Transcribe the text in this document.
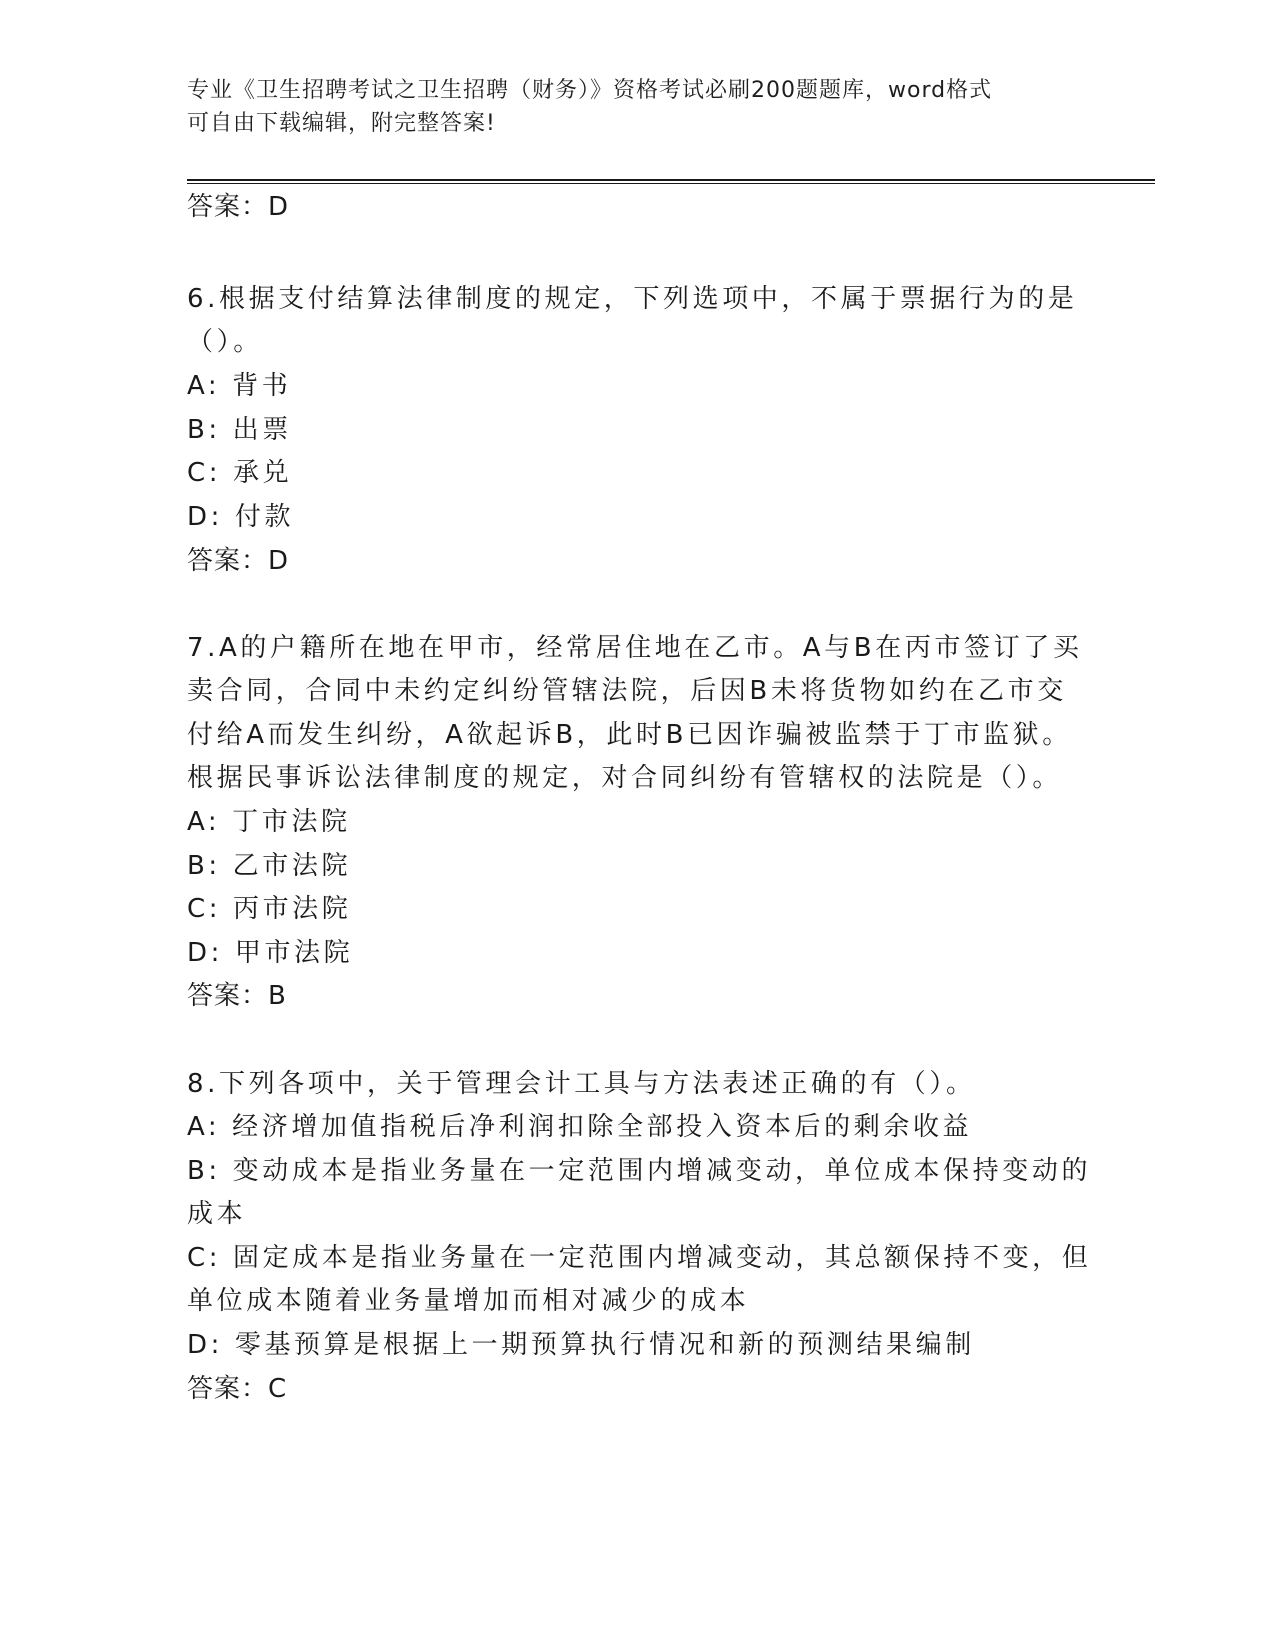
专业《卫生招聘考试之卫生招聘（财务）》资格考试必刷200题题库，word格式
可自由下载编辑，附完整答案!
答案：D
6.根据支付结算法律制度的规定，下列选项中，不属于票据行为的是
（）。
A: 背书
B: 出票
C: 承兑
D: 付款
答案：D
7.A的户籍所在地在甲市，经常居住地在乙市。A与B在丙市签订了买
卖合同，合同中未约定纠纷管辖法院，后因B未将货物如约在乙市交
付给A而发生纠纷，A欲起诉B，此时B已因诈骗被监禁于丁市监狱。
根据民事诉讼法律制度的规定，对合同纠纷有管辖权的法院是（）。
A: 丁市法院
B: 乙市法院
C: 丙市法院
D: 甲市法院
答案：B
8.下列各项中，关于管理会计工具与方法表述正确的有（）。
A: 经济增加值指税后净利润扣除全部投入资本后的剩余收益
B: 变动成本是指业务量在一定范围内增减变动，单位成本保持变动的
成本
C: 固定成本是指业务量在一定范围内增减变动，其总额保持不变，但
单位成本随着业务量增加而相对减少的成本
D: 零基预算是根据上一期预算执行情况和新的预测结果编制
答案：C
